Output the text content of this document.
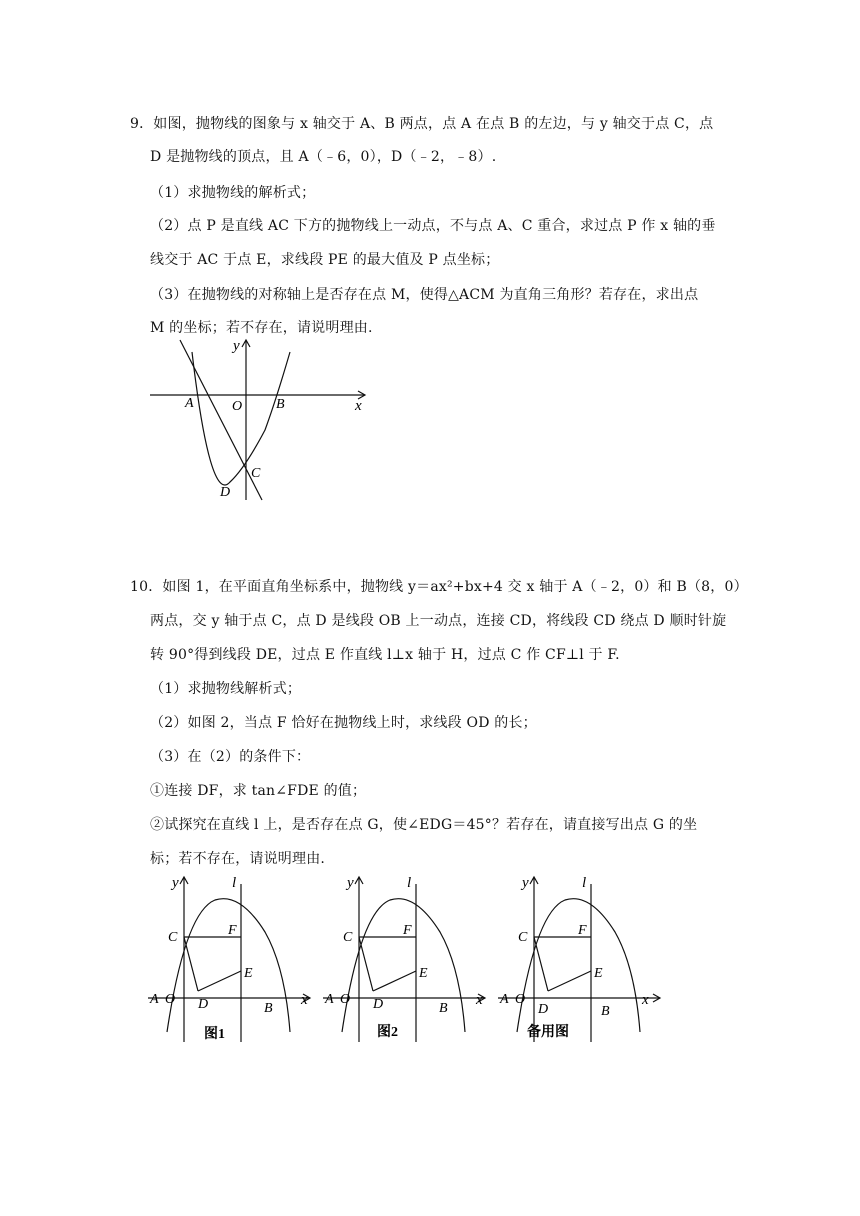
9．如图，抛物线的图象与 x 轴交于 A、B 两点，点 A 在点 B 的左边，与 y 轴交于点 C，点
D 是抛物线的顶点，且 A（﹣6，0），D（﹣2，﹣8）.
（1）求抛物线的解析式；
（2）点 P 是直线 AC 下方的抛物线上一动点，不与点 A、C 重合，求过点 P 作 x 轴的垂
线交于 AC 于点 E，求线段 PE 的最大值及 P 点坐标；
（3）在抛物线的对称轴上是否存在点 M，使得△ACM 为直角三角形？若存在，求出点
M 的坐标；若不存在，请说明理由.
y
x
A	O B
C
D
10．如图 1，在平面直角坐标系中，抛物线 y＝ax²+bx+4 交 x 轴于 A（﹣2，0）和 B（8，0）
两点，交 y 轴于点 C，点 D 是线段 OB 上一动点，连接 CD，将线段 CD 绕点 D 顺时针旋
转 90°得到线段 DE，过点 E 作直线 l⊥x 轴于 H，过点 C 作 CF⊥l 于 F.
（1）求抛物线解析式；
（2）如图 2，当点 F 恰好在抛物线上时，求线段 OD 的长；
（3）在（2）的条件下：
①连接 DF，求 tan∠FDE 的值；
②试探究在直线 l 上，是否存在点 G，使∠EDG＝45°？若存在，请直接写出点 G 的坐
标；若不存在，请说明理由.
y	l
C	F
E
A O D	B
x
图1
y	l
C	F
E
A O D	B
x
图2
y	l
C	F
E
A O
D	B
x
备用图
